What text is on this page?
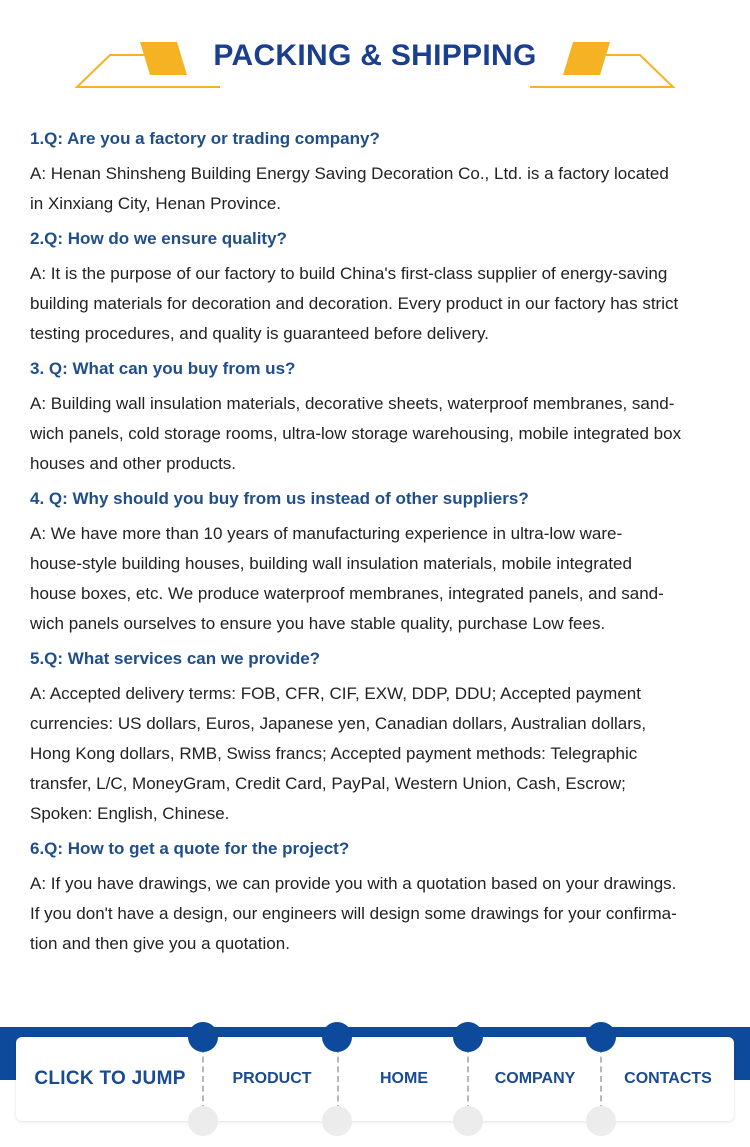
PACKING & SHIPPING

1.Q: Are you a factory or trading company?

A: Henan Shinsheng Building Energy Saving Decoration Co., Ltd. is a factory located
in Xinxiang City, Henan Province.

2.Q: How do we ensure quality?

A: It is the purpose of our factory to build China's first-class supplier of energy-saving
building materials for decoration and decoration. Every product in our factory has strict
testing procedures, and quality is guaranteed before delivery.

3. Q: What can you buy from us?

A: Building wall insulation materials, decorative sheets, waterproof membranes, sand-
wich panels, cold storage rooms, ultra-low storage warehousing, mobile integrated box
houses and other products.

4. Q: Why should you buy from us instead of other suppliers?

A: We have more than 10 years of manufacturing experience in ultra-low ware-
house-style building houses, building wall insulation materials, mobile integrated
house boxes, etc. We produce waterproof membranes, integrated panels, and sand-
wich panels ourselves to ensure you have stable quality, purchase Low fees.

5.Q: What services can we provide?

A: Accepted delivery terms: FOB, CFR, CIF, EXW, DDP, DDU; Accepted payment
currencies: US dollars, Euros, Japanese yen, Canadian dollars, Australian dollars,
Hong Kong dollars, RMB, Swiss francs; Accepted payment methods: Telegraphic
transfer, L/C, MoneyGram, Credit Card, PayPal, Western Union, Cash, Escrow;
Spoken: English, Chinese.

6.Q: How to get a quote for the project?

A: If you have drawings, we can provide you with a quotation based on your drawings.
If you don't have a design, our engineers will design some drawings for your confirma-
tion and then give you a quotation.

CLICK TO JUMP	PRODUCT	HOME	COMPANY	CONTACTS
